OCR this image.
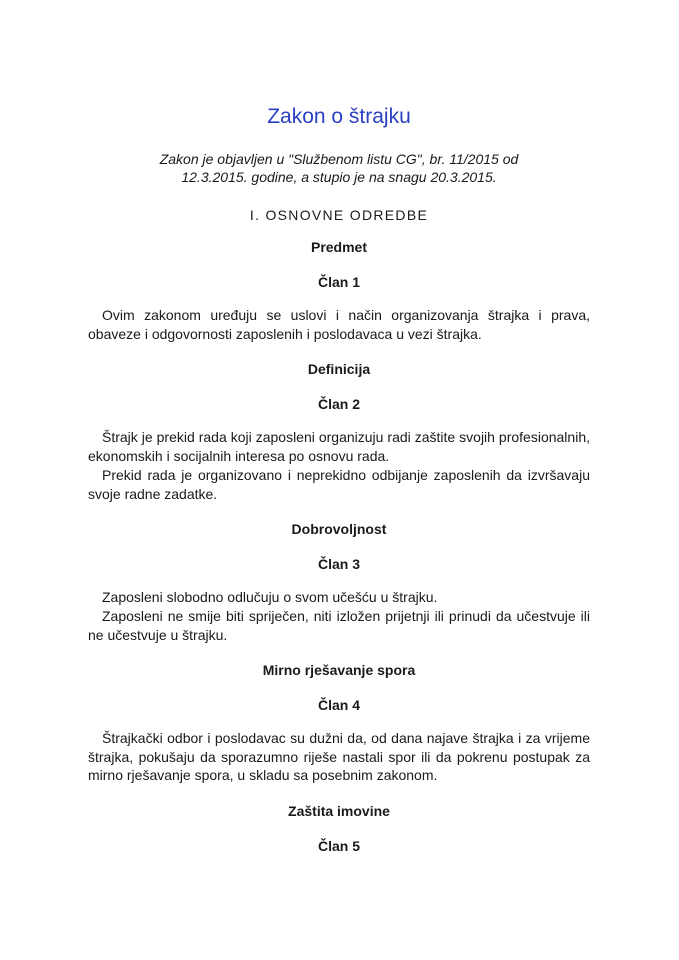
Zakon o štrajku
Zakon je objavljen u "Službenom listu CG", br. 11/2015 od
12.3.2015. godine, a stupio je na snagu 20.3.2015.
I. OSNOVNE ODREDBE
Predmet
Član 1
Ovim zakonom uređuju se uslovi i način organizovanja štrajka i prava, obaveze i odgovornosti zaposlenih i poslodavaca u vezi štrajka.
Definicija
Član 2
Štrajk je prekid rada koji zaposleni organizuju radi zaštite svojih profesionalnih, ekonomskih i socijalnih interesa po osnovu rada.
Prekid rada je organizovano i neprekidno odbijanje zaposlenih da izvršavaju svoje radne zadatke.
Dobrovoljnost
Član 3
Zaposleni slobodno odlučuju o svom učešću u štrajku.
Zaposleni ne smije biti spriječen, niti izložen prijetnji ili prinudi da učestvuje ili ne učestvuje u štrajku.
Mirno rješavanje spora
Član 4
Štrajkački odbor i poslodavac su dužni da, od dana najave štrajka i za vrijeme štrajka, pokušaju da sporazumno riješe nastali spor ili da pokrenu postupak za mirno rješavanje spora, u skladu sa posebnim zakonom.
Zaštita imovine
Član 5
